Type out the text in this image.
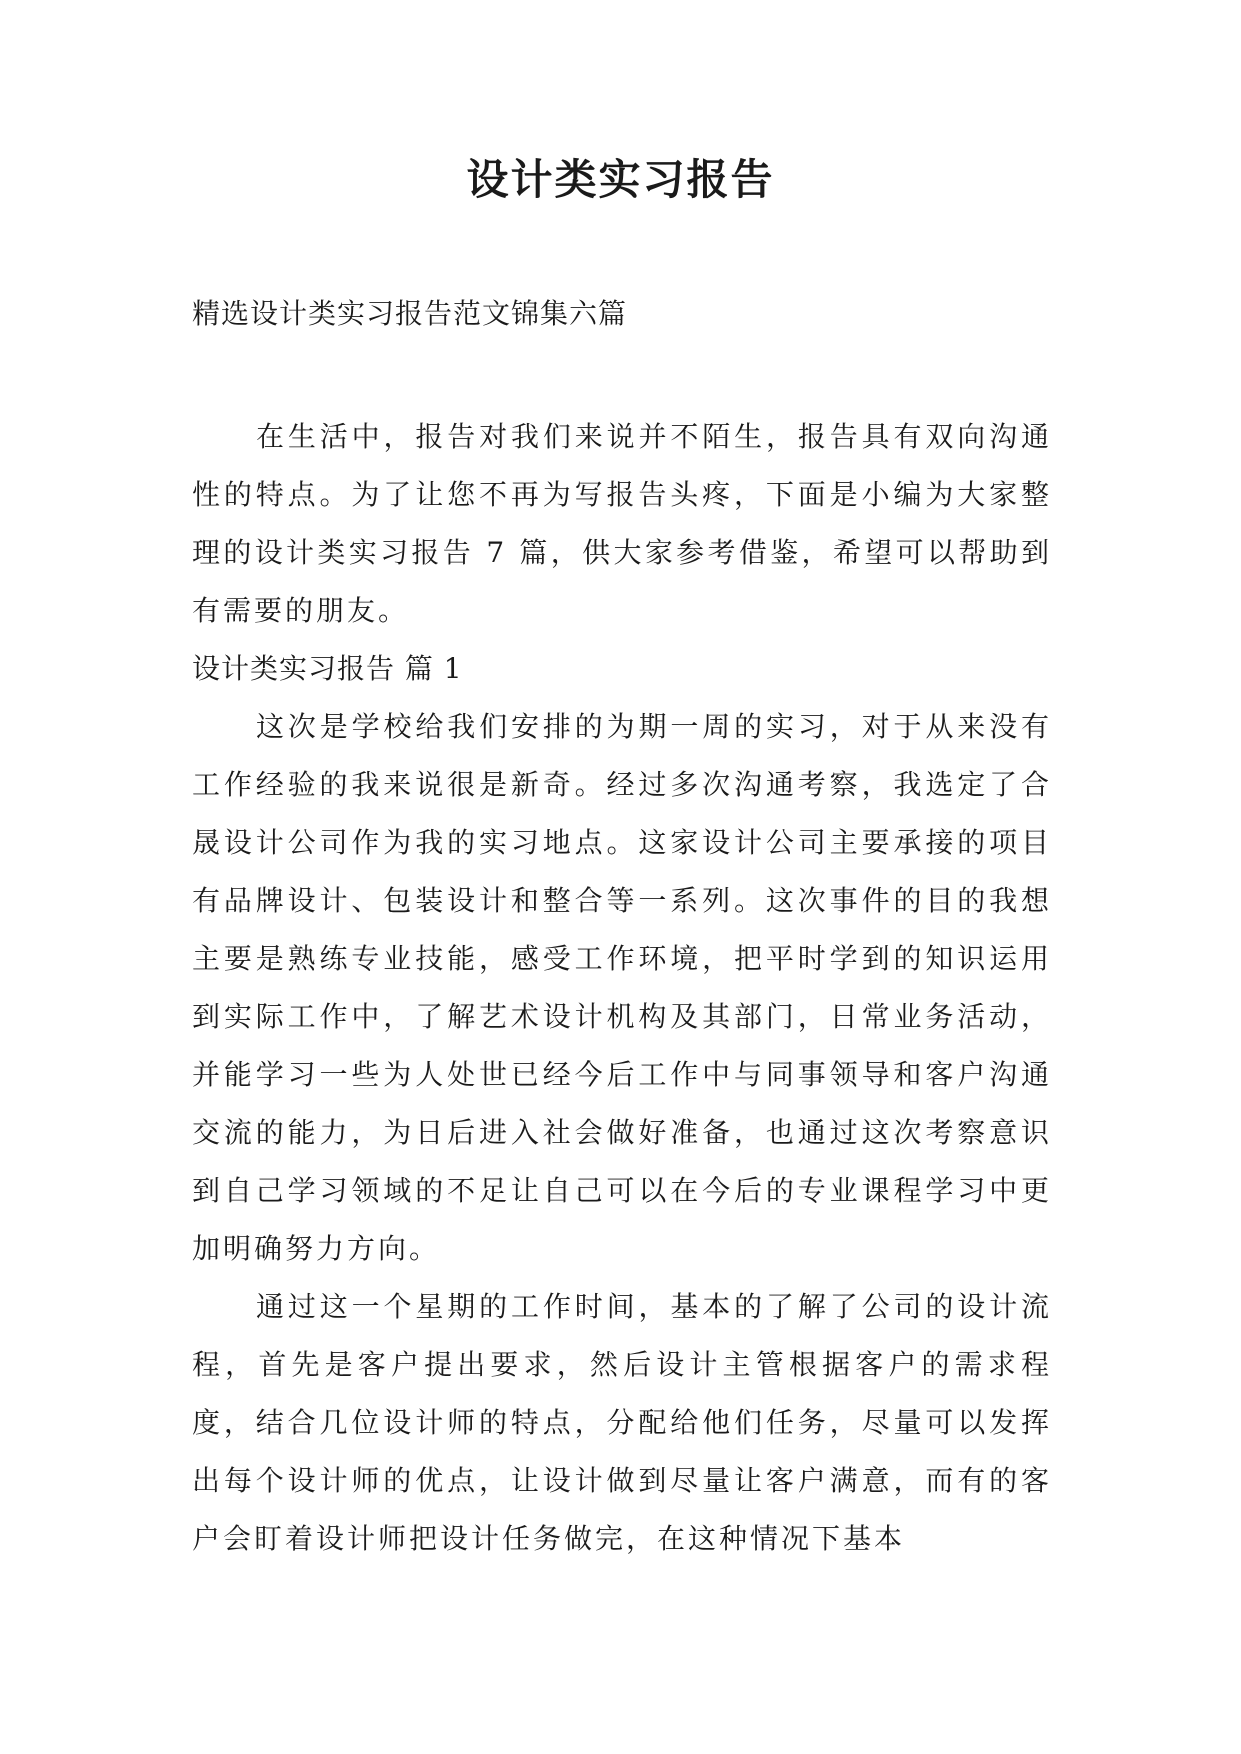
设计类实习报告
精选设计类实习报告范文锦集六篇

在生活中，报告对我们来说并不陌生，报告具有双向沟通性的特点。为了让您不再为写报告头疼，下面是小编为大家整理的设计类实习报告 7 篇，供大家参考借鉴，希望可以帮助到有需要的朋友。

设计类实习报告 篇 1

这次是学校给我们安排的为期一周的实习，对于从来没有工作经验的我来说很是新奇。经过多次沟通考察，我选定了合晟设计公司作为我的实习地点。这家设计公司主要承接的项目有品牌设计、包装设计和整合等一系列。这次事件的目的我想主要是熟练专业技能，感受工作环境，把平时学到的知识运用到实际工作中，了解艺术设计机构及其部门，日常业务活动，并能学习一些为人处世已经今后工作中与同事领导和客户沟通交流的能力，为日后进入社会做好准备，也通过这次考察意识到自己学习领域的不足让自己可以在今后的专业课程学习中更加明确努力方向。

通过这一个星期的工作时间，基本的了解了公司的设计流程，首先是客户提出要求，然后设计主管根据客户的需求程度，结合几位设计师的特点，分配给他们任务，尽量可以发挥出每个设计师的优点，让设计做到尽量让客户满意，而有的客户会盯着设计师把设计任务做完，在这种情况下基本
